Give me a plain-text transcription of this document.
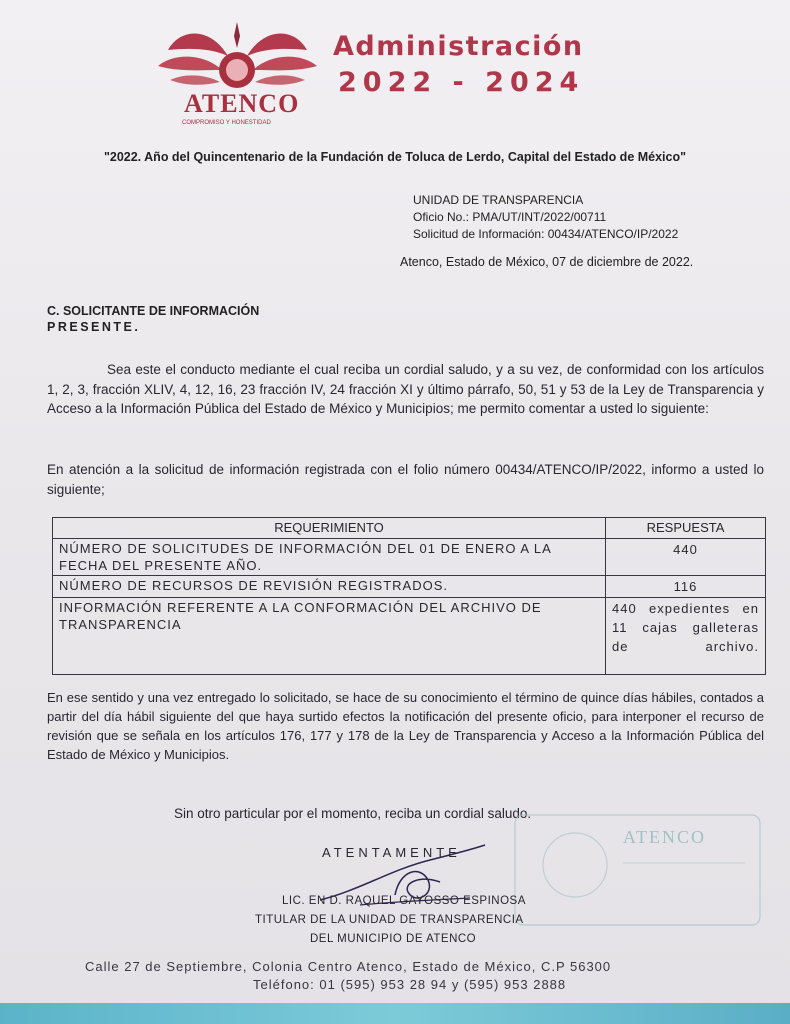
ATENCO
COMPROMISO Y HONESTIDAD
Administración
2022 - 2024
"2022. Año del Quincentenario de la Fundación de Toluca de Lerdo, Capital del Estado de México"
UNIDAD DE TRANSPARENCIA
Oficio No.: PMA/UT/INT/2022/00711
Solicitud de Información: 00434/ATENCO/IP/2022
Atenco, Estado de México, 07 de diciembre de 2022.
C. SOLICITANTE DE INFORMACIÓN
PRESENTE.
Sea este el conducto mediante el cual reciba un cordial saludo, y a su vez, de conformidad con los artículos 1, 2, 3, fracción XLIV, 4, 12, 16, 23 fracción IV, 24 fracción XI y último párrafo, 50, 51 y 53 de la Ley de Transparencia y Acceso a la Información Pública del Estado de México y Municipios; me permito comentar a usted lo siguiente:
En atención a la solicitud de información registrada con el folio número 00434/ATENCO/IP/2022, informo a usted lo siguiente;
REQUERIMIENTO	RESPUESTA
NÚMERO DE SOLICITUDES DE INFORMACIÓN DEL 01 DE ENERO A LA FECHA DEL PRESENTE AÑO.	440
NÚMERO DE RECURSOS DE REVISIÓN REGISTRADOS.	116
INFORMACIÓN REFERENTE A LA CONFORMACIÓN DEL ARCHIVO DE TRANSPARENCIA	440 expedientes en 11 cajas galleteras de archivo.
En ese sentido y una vez entregado lo solicitado, se hace de su conocimiento el término de quince días hábiles, contados a partir del día hábil siguiente del que haya surtido efectos la notificación del presente oficio, para interponer el recurso de revisión que se señala en los artículos 176, 177 y 178 de la Ley de Transparencia y Acceso a la Información Pública del Estado de México y Municipios.
Sin otro particular por el momento, reciba un cordial saludo.
ATENCO
ATENTAMENTE
LIC. EN D. RAQUEL GAYOSSO ESPINOSA
TITULAR DE LA UNIDAD DE TRANSPARENCIA
DEL MUNICIPIO DE ATENCO
Calle 27 de Septiembre, Colonia Centro Atenco, Estado de México, C.P 56300
Teléfono: 01 (595) 953 28 94 y (595) 953 2888
